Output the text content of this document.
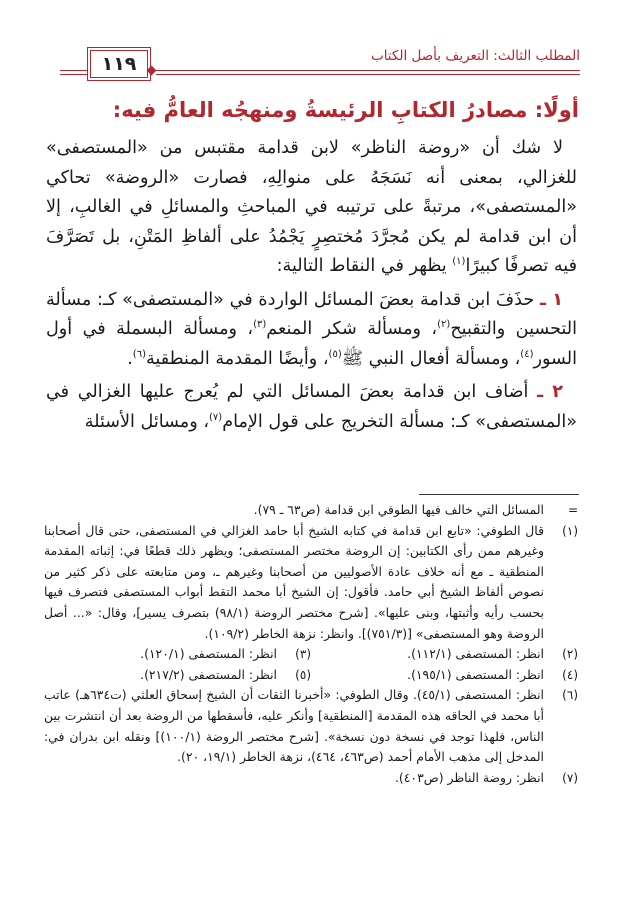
١١٩	المطلب الثالث: التعريف بأصل الكتاب
أولًا: مصادرُ الكتابِ الرئيسةُ ومنهجُه العامُّ فيه:

لا شك أن «روضة الناظر» لابن قدامة مقتبس من «المستصفى» للغزالي، بمعنى أنه نَسَجَهُ على منوالِهِ، فصارت «الروضة» تحاكي «المستصفى»، مرتبةً على ترتيبه في المباحثِ والمسائلِ في الغالبِ، إلا أن ابن قدامة لم يكن مُجرَّدَ مُختصِرٍ يَجْمُدُ على ألفاظِ المَتْنِ، بل تَصَرَّفَ فيه تصرفًا كبيرًا$^{(١)}$ يظهر في النقاط التالية:

١ ـ حذَفَ ابن قدامة بعضَ المسائل الواردة في «المستصفى» كـ: مسألة التحسين والتقبيح$^{(٢)}$، ومسألة شكر المنعم$^{(٣)}$، ومسألة البسملة في أول السور$^{(٤)}$، ومسألة أفعال النبي ﷺ$^{(٥)}$، وأيضًا المقدمة المنطقية$^{(٦)}$.

٢ ـ أضاف ابن قدامة بعضَ المسائل التي لم يُعرج عليها الغزالي في «المستصفى» كـ: مسألة التخريج على قول الإمام$^{(٧)}$، ومسائل الأسئلة

=
المسائل التي خالف فيها الطوفي ابن قدامة (ص٦٣ ـ ٧٩).
(١)
قال الطوفي: «تابع ابن قدامة في كتابه الشيخ أبا حامد الغزالي في المستصفى، حتى قال أصحابنا وغيرهم ممن رأى الكتابين: إن الروضة مختصر المستصفى؛ ويظهر ذلك قطعًا في: إثباته المقدمة المنطقية ـ مع أنه خلاف عادة الأصوليين من أصحابنا وغيرهم ـ، ومن متابعته على ذكر كثير من نصوص ألفاظ الشيخ أبي حامد. فأقول: إن الشيخ أبا محمد التقط أبواب المستصفى فتصرف فيها بحسب رأيه وأثبتها، وبنى عليها». [شرح مختصر الروضة (٩٨/١) بتصرف يسير]، وقال: «... أصل الروضة وهو المستصفى» [(٧٥١/٣)]. وانظر: نزهة الخاطر (١٠٩/٢).
(٢)
انظر: المستصفى (١١٢/١).
(٣)
انظر: المستصفى (١٢٠/١).
(٤)
انظر: المستصفى (١٩٥/١).
(٥)
انظر: المستصفى (٢١٧/٢).
(٦)
انظر: المستصفى (٤٥/١). وقال الطوفي: «أخبرنا الثقات أن الشيخ إسحاق العلثي (ت٦٣٤هـ) عاتب أبا محمد في الحاقه هذه المقدمة [المنطقية] وأنكر عليه، فأسقطها من الروضة بعد أن انتشرت بين الناس، فلهذا توجد في نسخة دون نسخة». [شرح مختصر الروضة (١٠٠/١)] ونقله ابن بدران في: المدخل إلى مذهب الأمام أحمد (ص٤٦٣، ٤٦٤)، نزهة الخاطر (١٩/١، ٢٠).
(٧)
انظر: روضة الناظر (ص٤٠٣).
